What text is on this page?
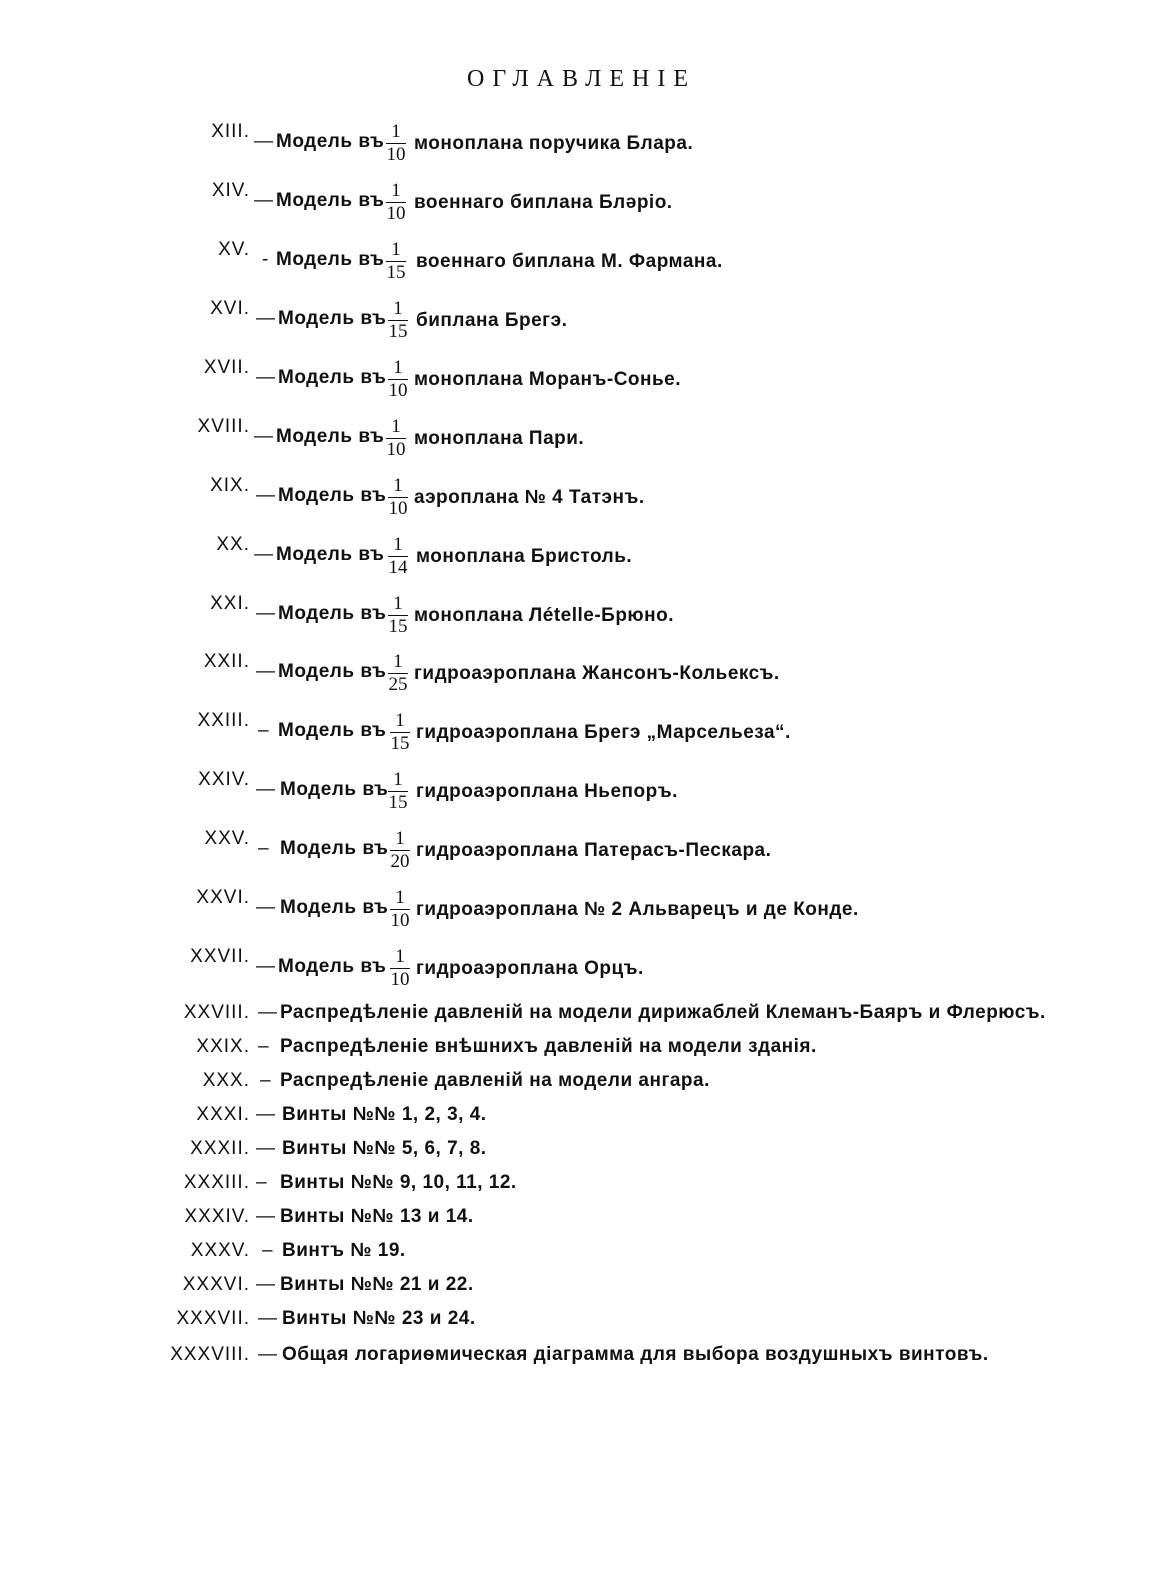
ОГЛАВЛЕНІЕ
XIII. — Модель въ 1
10
моноплана поручика Блара.
XIV. — Модель въ 1
10
военнаго биплана Бләріо.
XV. - Модель въ 1
15
военнаго биплана М. Фармана.
XVI. — Модель въ 1
15
биплана Брегэ.
XVII. — Модель въ 1
10
моноплана Моранъ-Сонье.
XVIII. — Модель въ 1
10
моноплана Пари.
XIX. — Модель въ 1
10
аэроплана № 4 Татэнъ.
XX. — Модель въ 1
14
моноплана Бристоль.
XXI. — Модель въ 1
15
моноплана Лételle-Брюно.
XXII. — Модель въ 1
25
гидроаэроплана Жансонъ-Кольексъ.
XXIII. – Модель въ 1
15
гидроаэроплана Брегэ „Марсельеза“.
XXIV. — Модель въ 1
15
гидроаэроплана Ньепоръ.
XXV. – Модель въ 1
20
гидроаэроплана Патерасъ-Пескара.
XXVI. — Модель въ 1
10
гидроаэроплана № 2 Альварецъ и де Конде.
XXVII. — Модель въ 1
10
гидроаэроплана Орцъ.
XXVIII. — Распредѣленіе давленій на модели дирижаблей Клеманъ-Баяръ и Флерюсъ.
XXIX. – Распредѣленіе внѣшнихъ давленій на модели зданія.
XXX. – Распредѣленіе давленій на модели ангара.
XXXI. — Винты №№ 1, 2, 3, 4.
XXXII. — Винты №№ 5, 6, 7, 8.
XXXIII. – Винты №№ 9, 10, 11, 12.
XXXIV. — Винты №№ 13 и 14.
XXXV. – Винтъ № 19.
XXXVI. — Винты №№ 21 и 22.
XXXVII. — Винты №№ 23 и 24.
XXXVIII. — Общая логариѳмическая діаграмма для выбора воздушныхъ винтовъ.
